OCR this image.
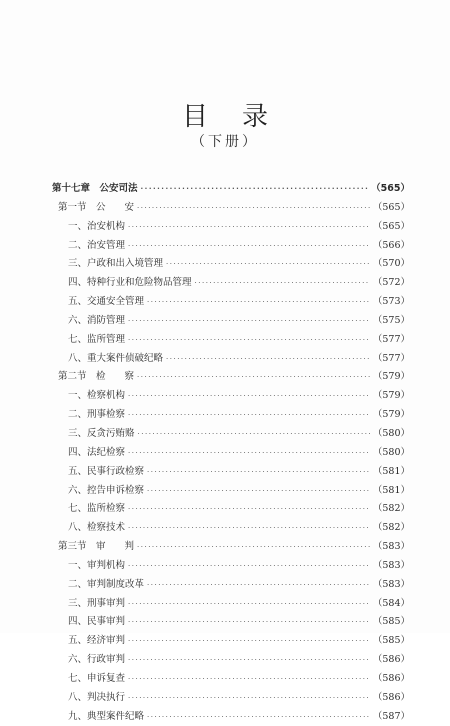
目录
（下册）
第十七章　公安司法 ·····	（565）
第一节　公　　安 ·····	（565）
一、治安机构 ·····	（565）
二、治安管理 ·····	（566）
三、户政和出入境管理 ·····	（570）
四、特种行业和危险物品管理 ·····	（572）
五、交通安全管理 ·····	（573）
六、消防管理 ·····	（575）
七、监所管理 ·····	（577）
八、重大案件侦破纪略 ·····	（577）
第二节　检　　察 ·····	（579）
一、检察机构 ·····	（579）
二、刑事检察 ·····	（579）
三、反贪污贿赂 ·····	（580）
四、法纪检察 ·····	（580）
五、民事行政检察 ·····	（581）
六、控告申诉检察 ·····	（581）
七、监所检察 ·····	（582）
八、检察技术 ·····	（582）
第三节　审　　判 ·····	（583）
一、审判机构 ·····	（583）
二、审判制度改革 ·····	（583）
三、刑事审判 ·····	（584）
四、民事审判 ·····	（585）
五、经济审判 ·····	（585）
六、行政审判 ·····	（586）
七、申诉复查 ·····	（586）
八、判决执行 ·····	（586）
九、典型案件纪略 ·····	（587）
